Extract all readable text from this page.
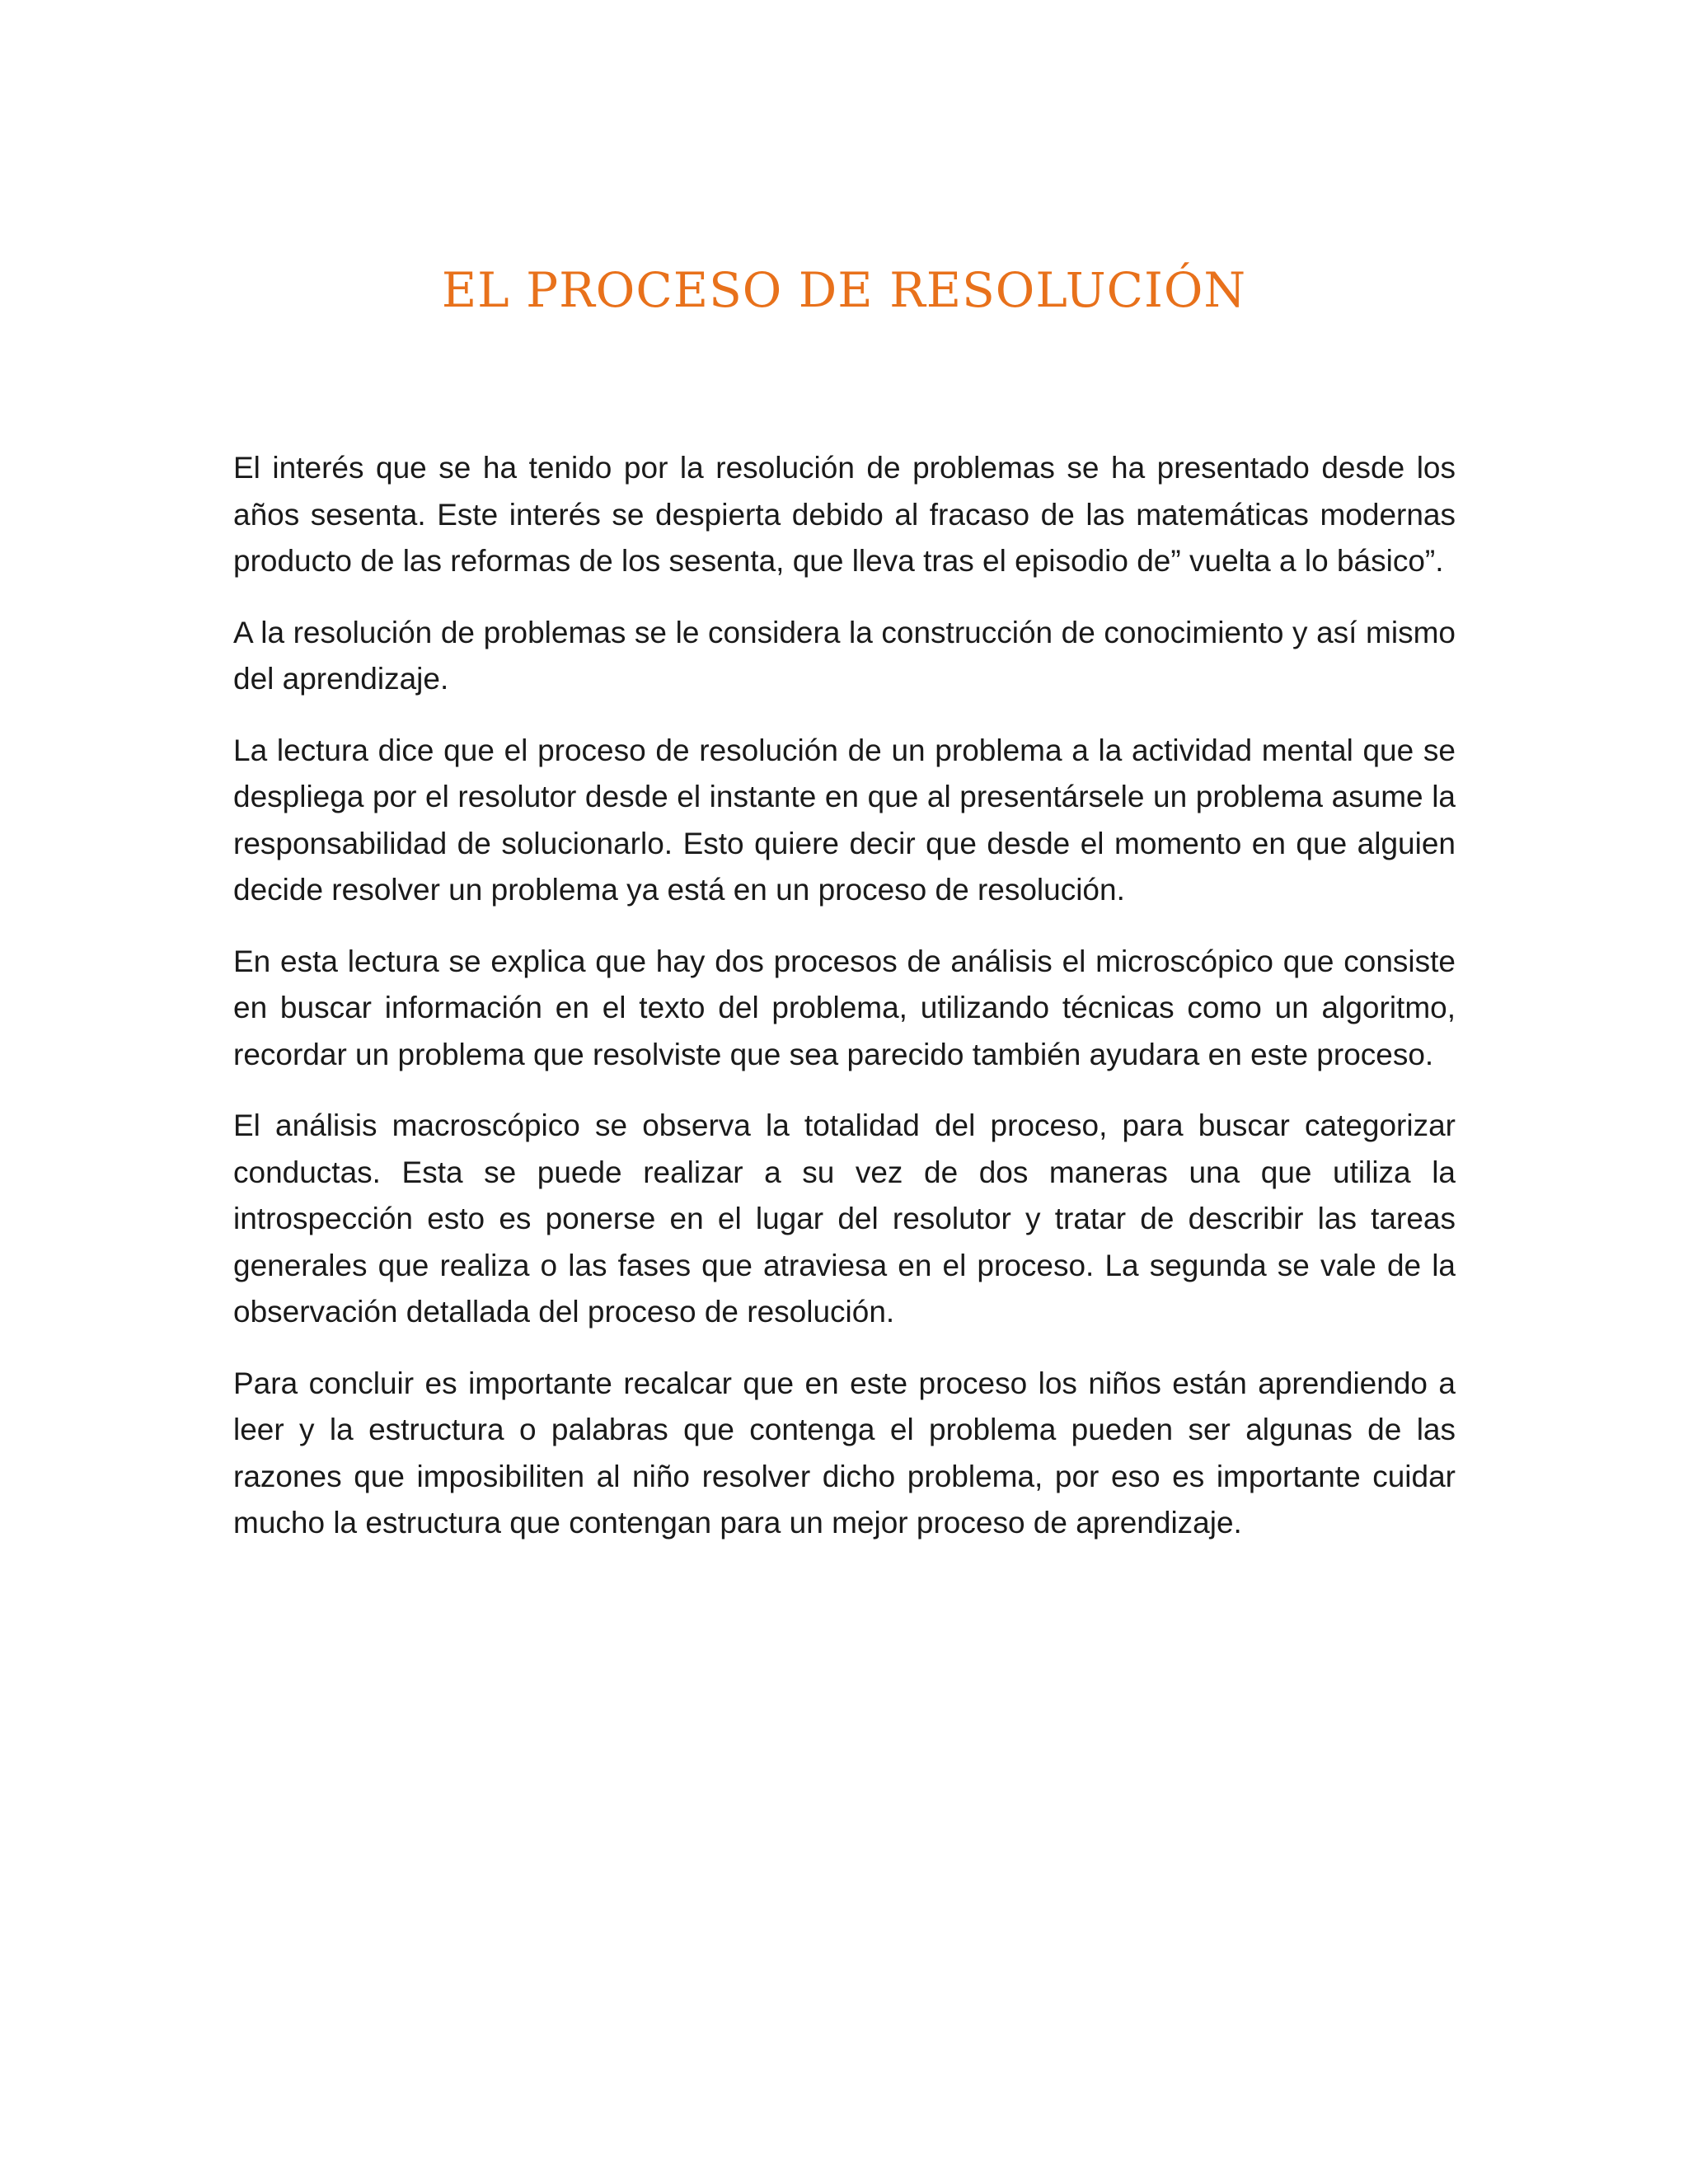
EL PROCESO DE RESOLUCIÓN

El interés que se ha tenido por la resolución de problemas se ha presentado desde los años sesenta. Este interés se despierta debido al fracaso de las matemáticas modernas producto de las reformas de los sesenta, que lleva tras el episodio de” vuelta a lo básico”.

A la resolución de problemas se le considera la construcción de conocimiento y así mismo del aprendizaje.

La lectura dice que el proceso de resolución de un problema a la actividad mental que se despliega por el resolutor desde el instante en que al presentársele un problema asume la responsabilidad de solucionarlo. Esto quiere decir que desde el momento en que alguien decide resolver un problema ya está en un proceso de resolución.

En esta lectura se explica que hay dos procesos de análisis el microscópico que consiste en buscar información en el texto del problema, utilizando técnicas como un algoritmo, recordar un problema que resolviste que sea parecido también ayudara en este proceso.

El análisis macroscópico se observa la totalidad del proceso, para buscar categorizar conductas. Esta se puede realizar a su vez de dos maneras una que utiliza la introspección esto es ponerse en el lugar del resolutor y tratar de describir las tareas generales que realiza o las fases que atraviesa en el proceso. La segunda se vale de la observación detallada del proceso de resolución.

Para concluir es importante recalcar que en este proceso los niños están aprendiendo a leer y la estructura o palabras que contenga el problema pueden ser algunas de las razones que imposibiliten al niño resolver dicho problema, por eso es importante cuidar mucho la estructura que contengan para un mejor proceso de aprendizaje.
